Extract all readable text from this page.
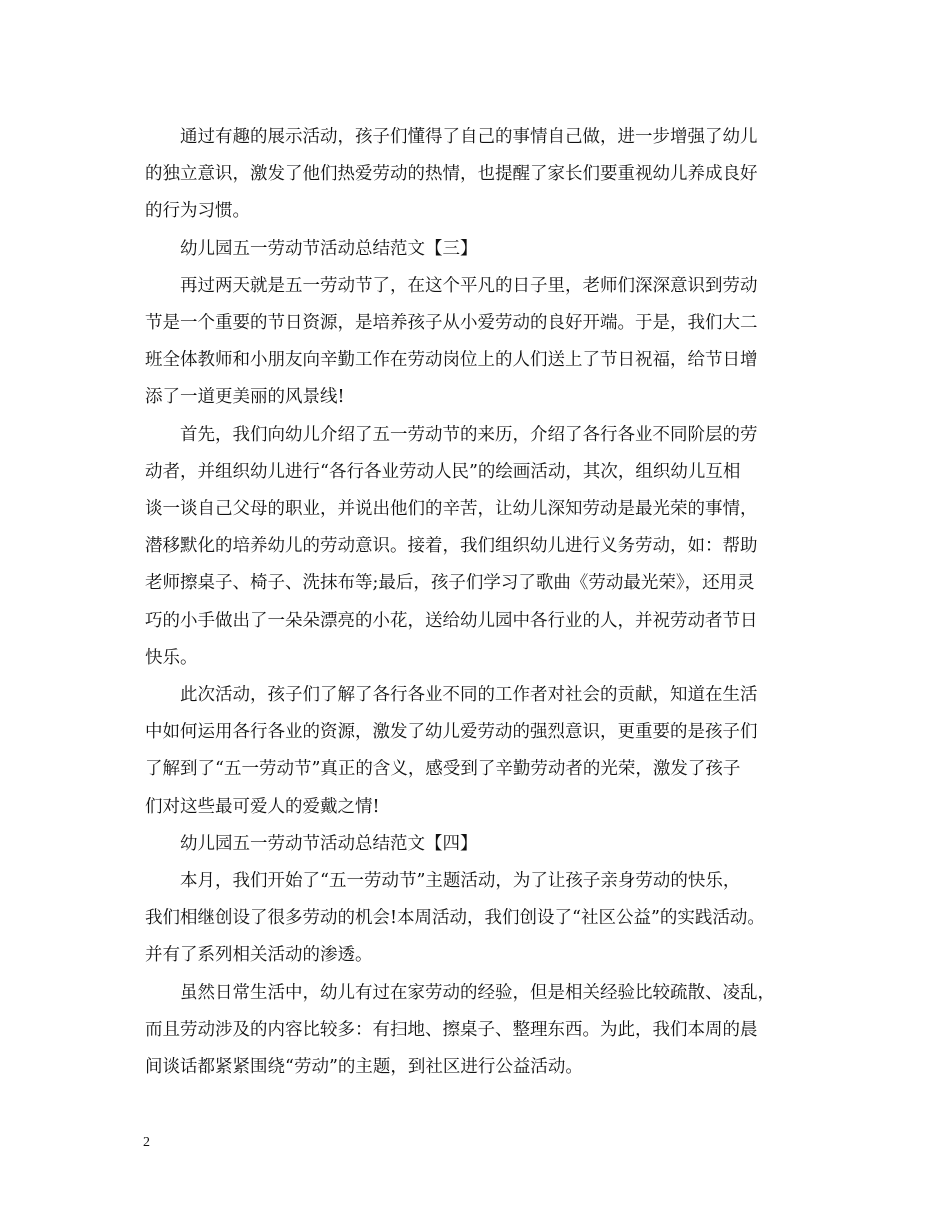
　　通过有趣的展示活动，孩子们懂得了自己的事情自己做，进一步增强了幼儿
的独立意识，激发了他们热爱劳动的热情，也提醒了家长们要重视幼儿养成良好
的行为习惯。
　　幼儿园五一劳动节活动总结范文【三】
　　再过两天就是五一劳动节了，在这个平凡的日子里，老师们深深意识到劳动
节是一个重要的节日资源，是培养孩子从小爱劳动的良好开端。于是，我们大二
班全体教师和小朋友向辛勤工作在劳动岗位上的人们送上了节日祝福，给节日增
添了一道更美丽的风景线!
　　首先，我们向幼儿介绍了五一劳动节的来历，介绍了各行各业不同阶层的劳
动者，并组织幼儿进行“各行各业劳动人民”的绘画活动，其次，组织幼儿互相
谈一谈自己父母的职业，并说出他们的辛苦，让幼儿深知劳动是最光荣的事情，
潜移默化的培养幼儿的劳动意识。接着，我们组织幼儿进行义务劳动，如：帮助
老师擦桌子、椅子、洗抹布等;最后，孩子们学习了歌曲《劳动最光荣》，还用灵
巧的小手做出了一朵朵漂亮的小花，送给幼儿园中各行业的人，并祝劳动者节日
快乐。
　　此次活动，孩子们了解了各行各业不同的工作者对社会的贡献，知道在生活
中如何运用各行各业的资源，激发了幼儿爱劳动的强烈意识，更重要的是孩子们
了解到了“五一劳动节”真正的含义，感受到了辛勤劳动者的光荣，激发了孩子
们对这些最可爱人的爱戴之情!
　　幼儿园五一劳动节活动总结范文【四】
　　本月，我们开始了“五一劳动节”主题活动，为了让孩子亲身劳动的快乐，
我们相继创设了很多劳动的机会!本周活动，我们创设了“社区公益”的实践活动。
并有了系列相关活动的渗透。
　　虽然日常生活中，幼儿有过在家劳动的经验，但是相关经验比较疏散、凌乱，
而且劳动涉及的内容比较多：有扫地、擦桌子、整理东西。为此，我们本周的晨
间谈话都紧紧围绕“劳动”的主题，到社区进行公益活动。
2
